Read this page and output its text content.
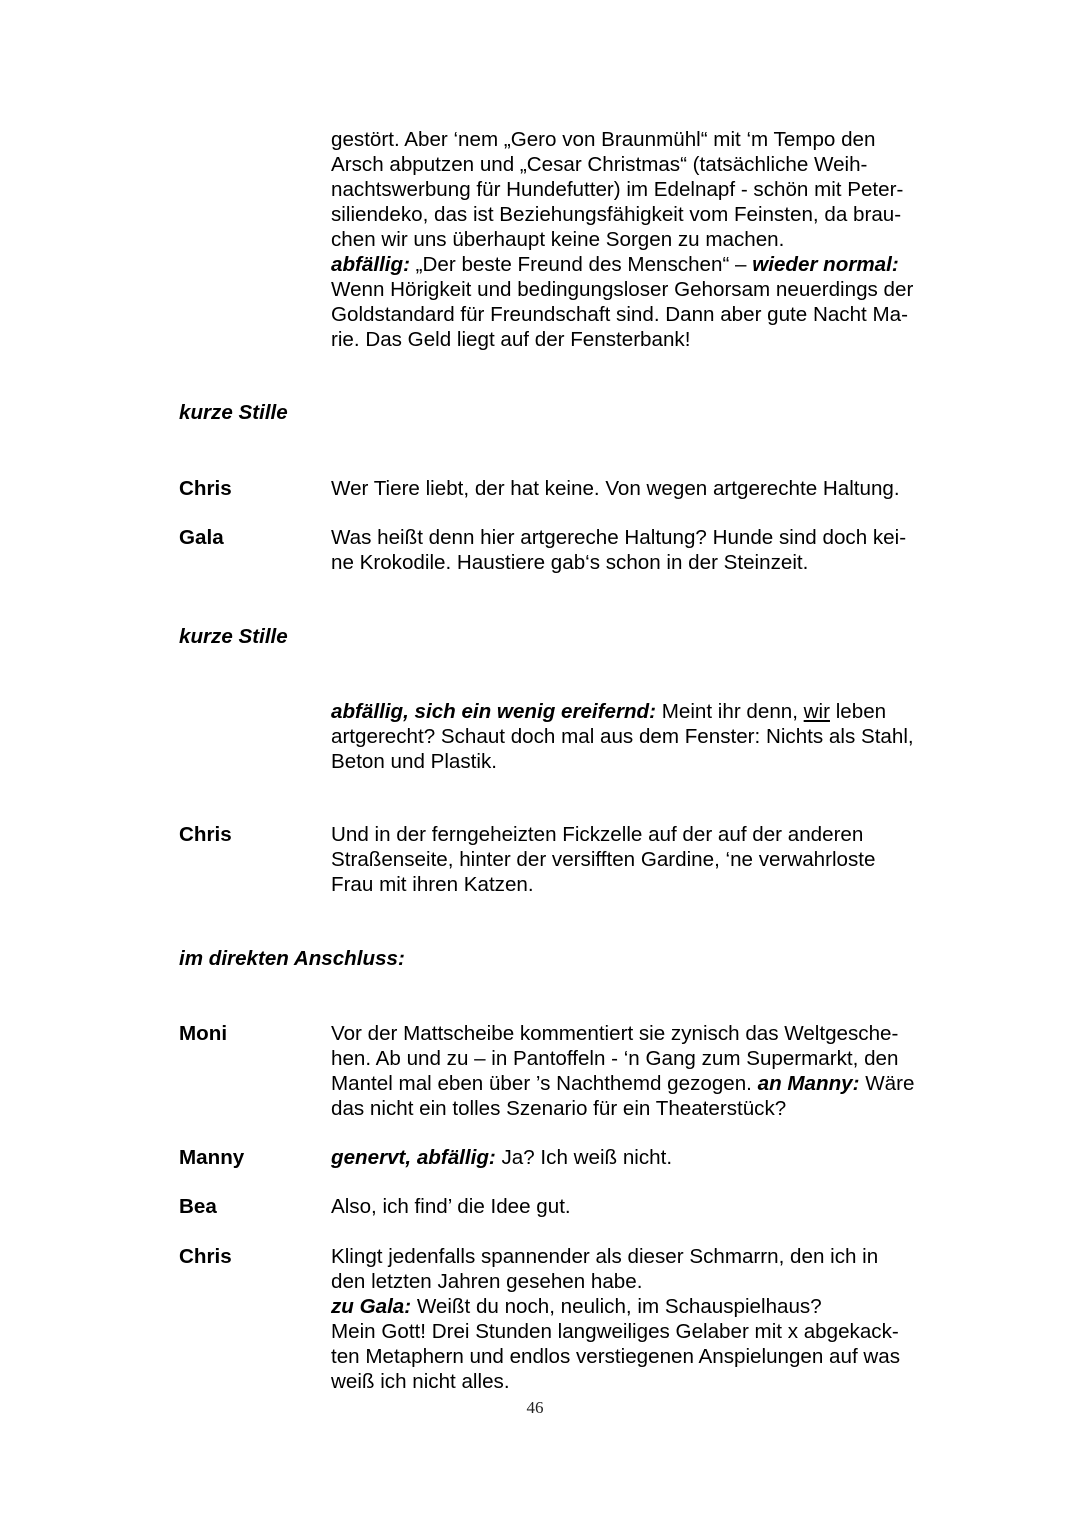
gestört. Aber ‘nem „Gero von Braunmühl“ mit ‘m Tempo den
Arsch abputzen und „Cesar Christmas“ (tatsächliche Weih-
nachtswerbung für Hundefutter) im Edelnapf - schön mit Peter-
siliendeko, das ist Beziehungsfähigkeit vom Feinsten, da brau-
chen wir uns überhaupt keine Sorgen zu machen.
abfällig: „Der beste Freund des Menschen“ – wieder normal:
Wenn Hörigkeit und bedingungsloser Gehorsam neuerdings der
Goldstandard für Freundschaft sind. Dann aber gute Nacht Ma-
rie. Das Geld liegt auf der Fensterbank!
kurze Stille
Chris	Wer Tiere liebt, der hat keine. Von wegen artgerechte Haltung.
Gala	Was heißt denn hier artgereche Haltung? Hunde sind doch kei-
ne Krokodile. Haustiere gab‘s schon in der Steinzeit.
kurze Stille
abfällig, sich ein wenig ereifernd: Meint ihr denn, wir leben
artgerecht? Schaut doch mal aus dem Fenster: Nichts als Stahl,
Beton und Plastik.
Chris	Und in der ferngeheizten Fickzelle auf der auf der anderen
Straßenseite, hinter der versifften Gardine, ‘ne verwahrloste
Frau mit ihren Katzen.
im direkten Anschluss:
Moni	Vor der Mattscheibe kommentiert sie zynisch das Weltgesche-
hen. Ab und zu – in Pantoffeln - ‘n Gang zum Supermarkt, den
Mantel mal eben über ’s Nachthemd gezogen. an Manny: Wäre
das nicht ein tolles Szenario für ein Theaterstück?
Manny	genervt, abfällig: Ja? Ich weiß nicht.
Bea	Also, ich find’ die Idee gut.
Chris	Klingt jedenfalls spannender als dieser Schmarrn, den ich in
den letzten Jahren gesehen habe.
zu Gala: Weißt du noch, neulich, im Schauspielhaus?
Mein Gott! Drei Stunden langweiliges Gelaber mit x abgekack-
ten Metaphern und endlos verstiegenen Anspielungen auf was
weiß ich nicht alles.
46
